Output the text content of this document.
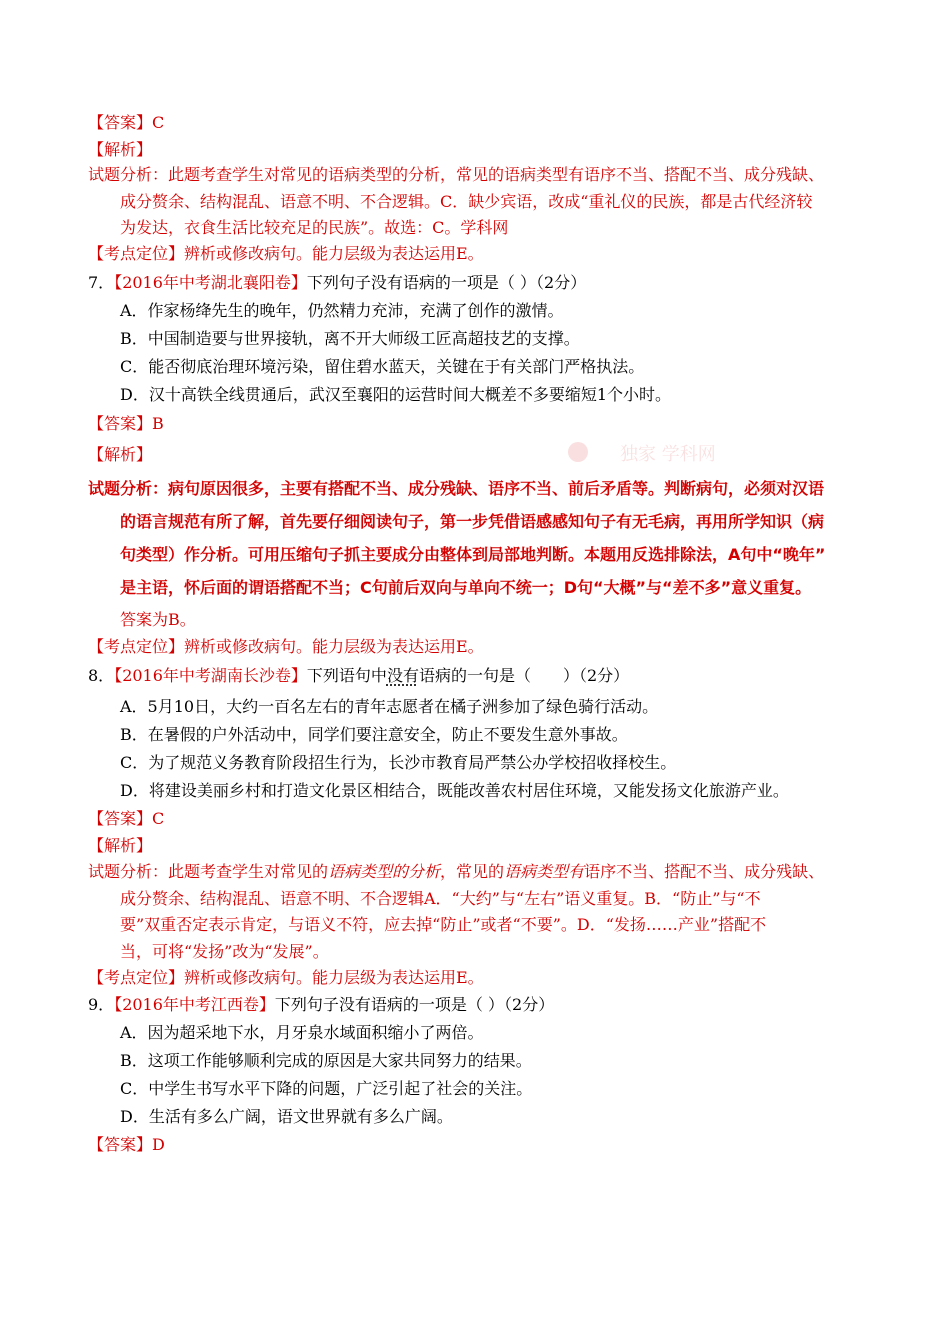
【答案】C
【解析】
试题分析：此题考查学生对常见的语病类型的分析，常见的语病类型有语序不当、搭配不当、成分残缺、
成分赘余、结构混乱、语意不明、不合逻辑。C．缺少宾语，改成“重礼仪的民族，都是古代经济较
为发达，衣食生活比较充足的民族”。故选：C。学科网
【考点定位】辨析或修改病句。能力层级为表达运用E。
7．【2016年中考湖北襄阳卷】下列句子没有语病的一项是（ ）（2分）
A．作家杨绛先生的晚年，仍然精力充沛，充满了创作的激情。
B．中国制造要与世界接轨，离不开大师级工匠高超技艺的支撑。
C．能否彻底治理环境污染，留住碧水蓝天，关键在于有关部门严格执法。
D．汉十高铁全线贯通后，武汉至襄阳的运营时间大概差不多要缩短1个小时。
【答案】B
【解析】	独家 学科网
试题分析：病句原因很多，主要有搭配不当、成分残缺、语序不当、前后矛盾等。判断病句，必须对汉语
的语言规范有所了解，首先要仔细阅读句子，第一步凭借语感感知句子有无毛病，再用所学知识（病
句类型）作分析。可用压缩句子抓主要成分由整体到局部地判断。本题用反选排除法，A句中“晚年”
是主语，怀后面的谓语搭配不当；C句前后双向与单向不统一；D句“大概”与“差不多”意义重复。
答案为B。
【考点定位】辨析或修改病句。能力层级为表达运用E。
8．【2016年中考湖南长沙卷】下列语句中没有语病的一句是（　　）（2分）
A．5月10日，大约一百名左右的青年志愿者在橘子洲参加了绿色骑行活动。
B．在暑假的户外活动中，同学们要注意安全，防止不要发生意外事故。
C．为了规范义务教育阶段招生行为，长沙市教育局严禁公办学校招收择校生。
D．将建设美丽乡村和打造文化景区相结合，既能改善农村居住环境，又能发扬文化旅游产业。
【答案】C
【解析】
试题分析：此题考查学生对常见的语病类型的分析，常见的语病类型有语序不当、搭配不当、成分残缺、
成分赘余、结构混乱、语意不明、不合逻辑A．“大约”与“左右”语义重复。B．“防止”与“不
要”双重否定表示肯定，与语义不符，应去掉“防止”或者“不要”。D．“发扬……产业”搭配不
当，可将“发扬”改为“发展”。
【考点定位】辨析或修改病句。能力层级为表达运用E。
9．【2016年中考江西卷】下列句子没有语病的一项是（ ）（2分）
A．因为超采地下水，月牙泉水域面积缩小了两倍。
B．这项工作能够顺利完成的原因是大家共同努力的结果。
C．中学生书写水平下降的问题，广泛引起了社会的关注。
D．生活有多么广阔，语文世界就有多么广阔。
【答案】D
